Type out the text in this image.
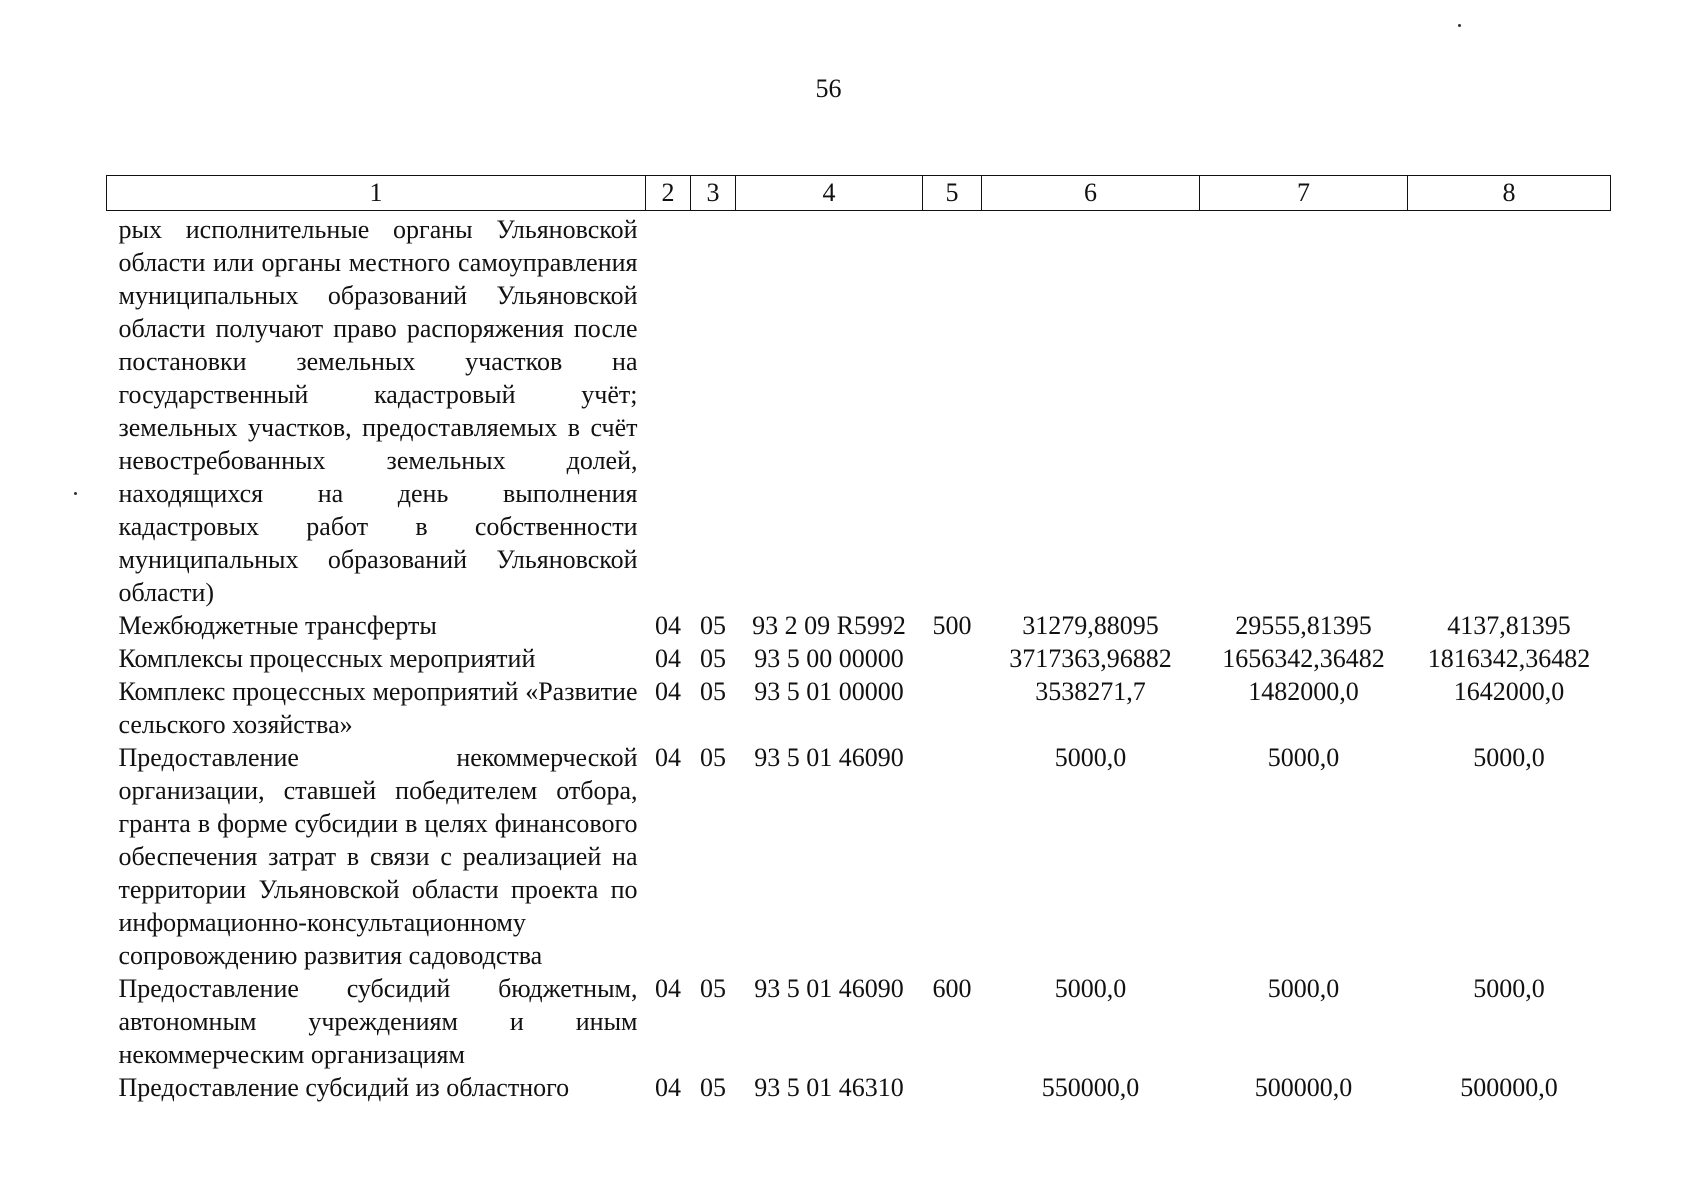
56
1	2	3	4	5	6	7	8
рых исполнительные органы Ульяновской области или органы местного самоуправления муниципальных образований Ульяновской области получают право распоряжения после постановки земельных участков на государственный кадастровый учёт; земельных участков, предоставляемых в счёт невостребованных земельных долей, находящихся на день выполнения кадастровых работ в собственности муниципальных образований Ульяновской области)							
Межбюджетные трансферты	04	05	93 2 09 R5992	500	31279,88095	29555,81395	4137,81395
Комплексы процессных мероприятий	04	05	93 5 00 00000		3717363,96882	1656342,36482	1816342,36482
Комплекс процессных мероприятий «Развитие сельского хозяйства»	04	05	93 5 01 00000		3538271,7	1482000,0	1642000,0
Предоставление некоммерческой организации, ставшей победителем отбора, гранта в форме субсидии в целях финансового обеспечения затрат в связи с реализацией на территории Ульяновской области проекта по информационно-консультационному сопровождению развития садоводства	04	05	93 5 01 46090		5000,0	5000,0	5000,0
Предоставление субсидий бюджетным, автономным учреждениям и иным некоммерческим организациям	04	05	93 5 01 46090	600	5000,0	5000,0	5000,0
Предоставление субсидий из областного	04	05	93 5 01 46310		550000,0	500000,0	500000,0
